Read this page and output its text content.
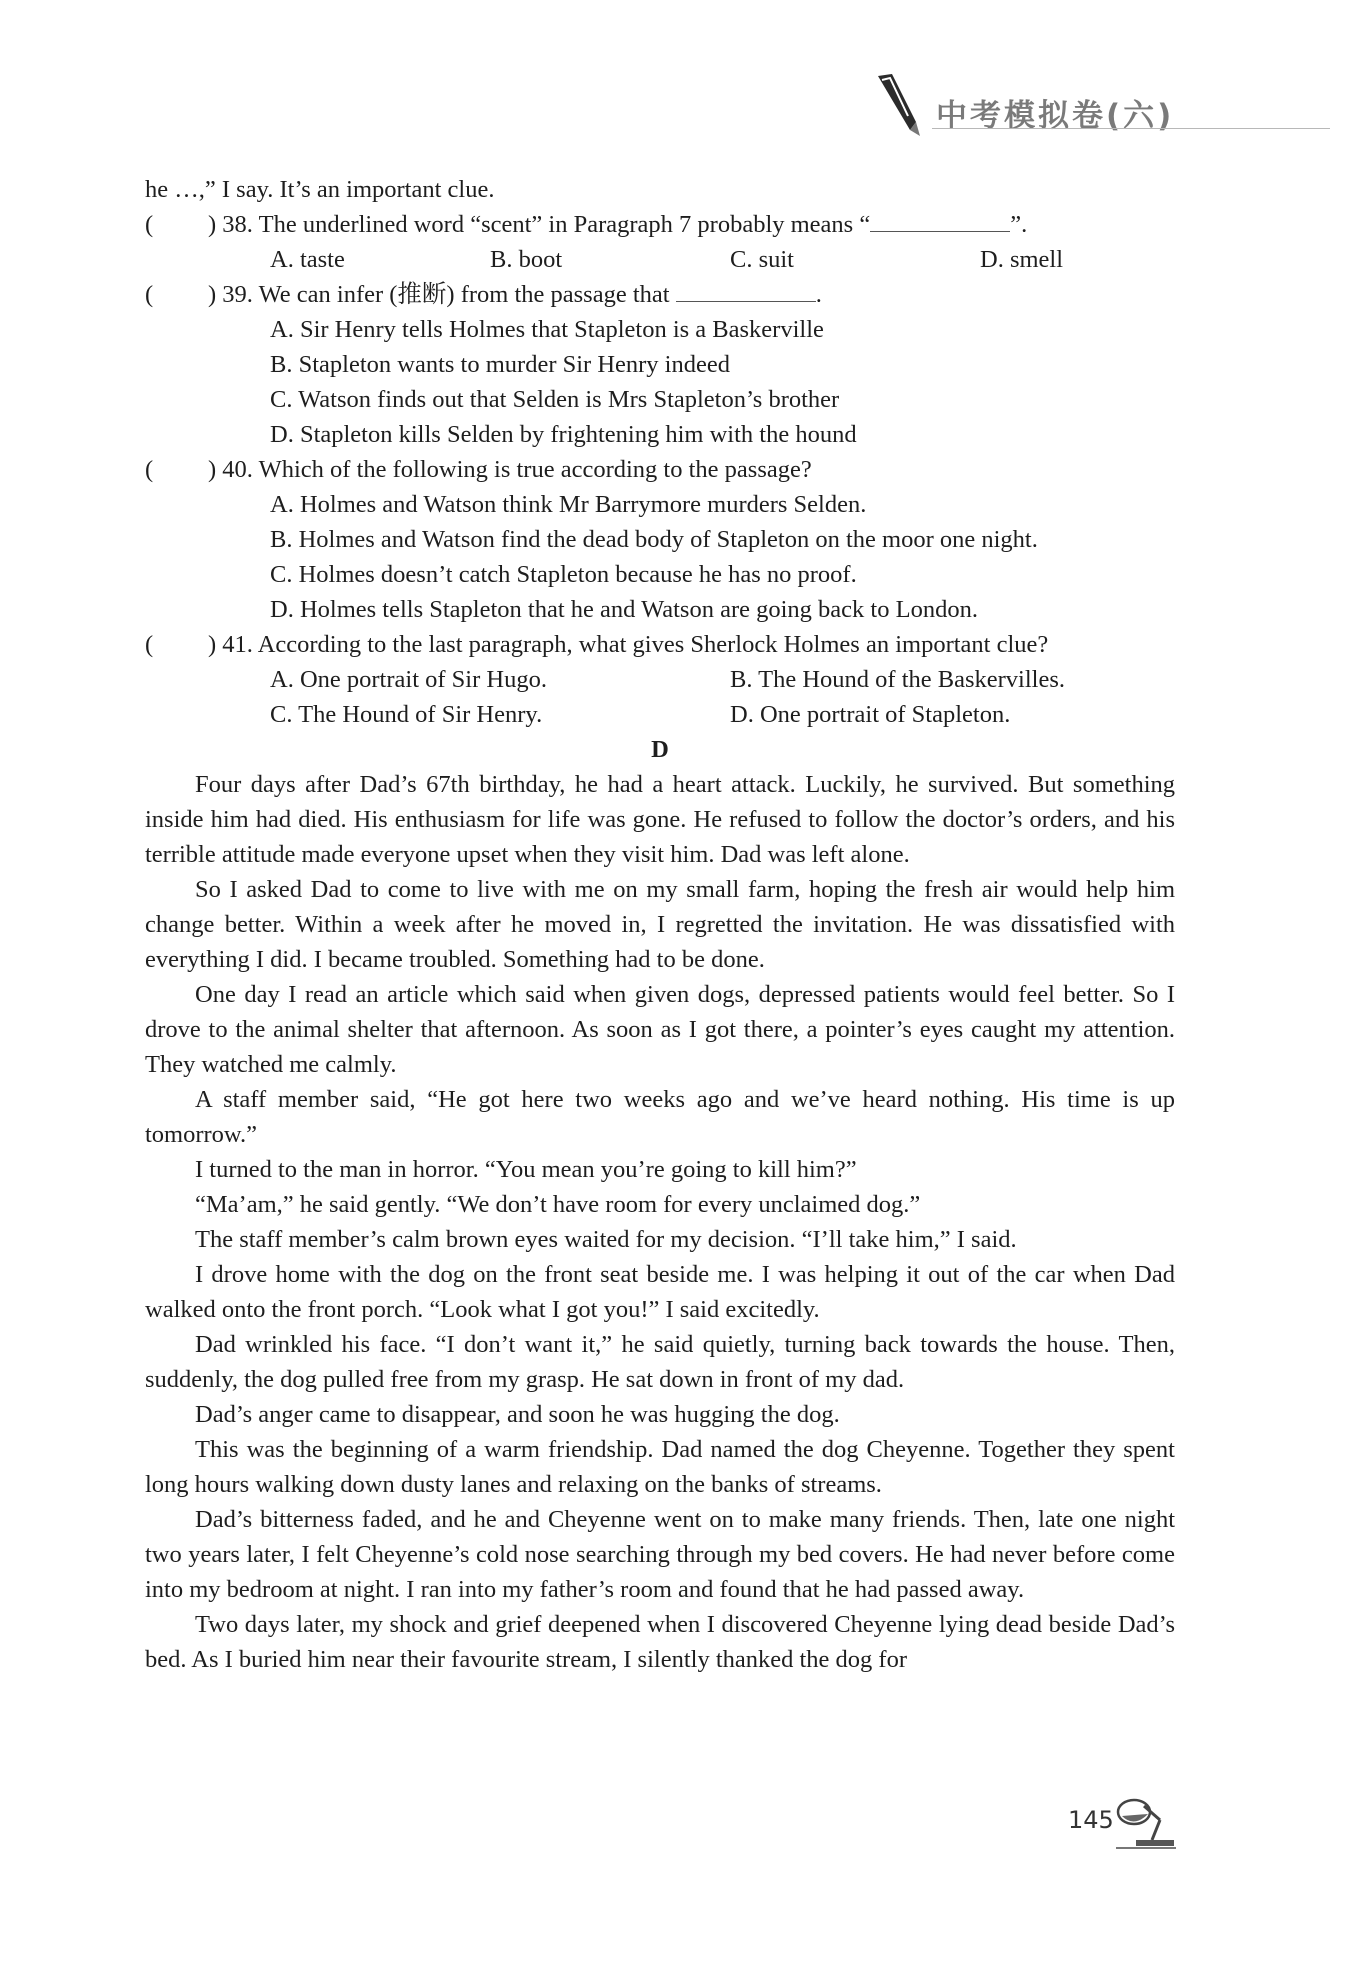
中考模拟卷(六)
he …,” I say. It’s an important clue.
( ) 38. The underlined word “scent” in Paragraph 7 probably means “	”.
A. taste	B. boot	C. suit	D. smell
( ) 39. We can infer (推断) from the passage that	.
A. Sir Henry tells Holmes that Stapleton is a Baskerville
B. Stapleton wants to murder Sir Henry indeed
C. Watson finds out that Selden is Mrs Stapleton’s brother
D. Stapleton kills Selden by frightening him with the hound
( ) 40. Which of the following is true according to the passage?
A. Holmes and Watson think Mr Barrymore murders Selden.
B. Holmes and Watson find the dead body of Stapleton on the moor one night.
C. Holmes doesn’t catch Stapleton because he has no proof.
D. Holmes tells Stapleton that he and Watson are going back to London.
( ) 41. According to the last paragraph, what gives Sherlock Holmes an important clue?
A. One portrait of Sir Hugo.	B. The Hound of the Baskervilles.
C. The Hound of Sir Henry.	D. One portrait of Stapleton.
D

Four days after Dad’s 67th birthday, he had a heart attack. Luckily, he survived. But something inside him had died. His enthusiasm for life was gone. He refused to follow the doctor’s orders, and his terrible attitude made everyone upset when they visit him. Dad was left alone.

So I asked Dad to come to live with me on my small farm, hoping the fresh air would help him change better. Within a week after he moved in, I regretted the invitation. He was dissatisfied with everything I did. I became troubled. Something had to be done.

One day I read an article which said when given dogs, depressed patients would feel better. So I drove to the animal shelter that afternoon. As soon as I got there, a pointer’s eyes caught my attention. They watched me calmly.

A staff member said, “He got here two weeks ago and we’ve heard nothing. His time is up tomorrow.”

I turned to the man in horror. “You mean you’re going to kill him?”

“Ma’am,” he said gently. “We don’t have room for every unclaimed dog.”

The staff member’s calm brown eyes waited for my decision. “I’ll take him,” I said.

I drove home with the dog on the front seat beside me. I was helping it out of the car when Dad walked onto the front porch. “Look what I got you!” I said excitedly.

Dad wrinkled his face. “I don’t want it,” he said quietly, turning back towards the house. Then, suddenly, the dog pulled free from my grasp. He sat down in front of my dad.

Dad’s anger came to disappear, and soon he was hugging the dog.

This was the beginning of a warm friendship. Dad named the dog Cheyenne. Together they spent long hours walking down dusty lanes and relaxing on the banks of streams.

Dad’s bitterness faded, and he and Cheyenne went on to make many friends. Then, late one night two years later, I felt Cheyenne’s cold nose searching through my bed covers. He had never before come into my bedroom at night. I ran into my father’s room and found that he had passed away.

Two days later, my shock and grief deepened when I discovered Cheyenne lying dead beside Dad’s bed. As I buried him near their favourite stream, I silently thanked the dog for

145
